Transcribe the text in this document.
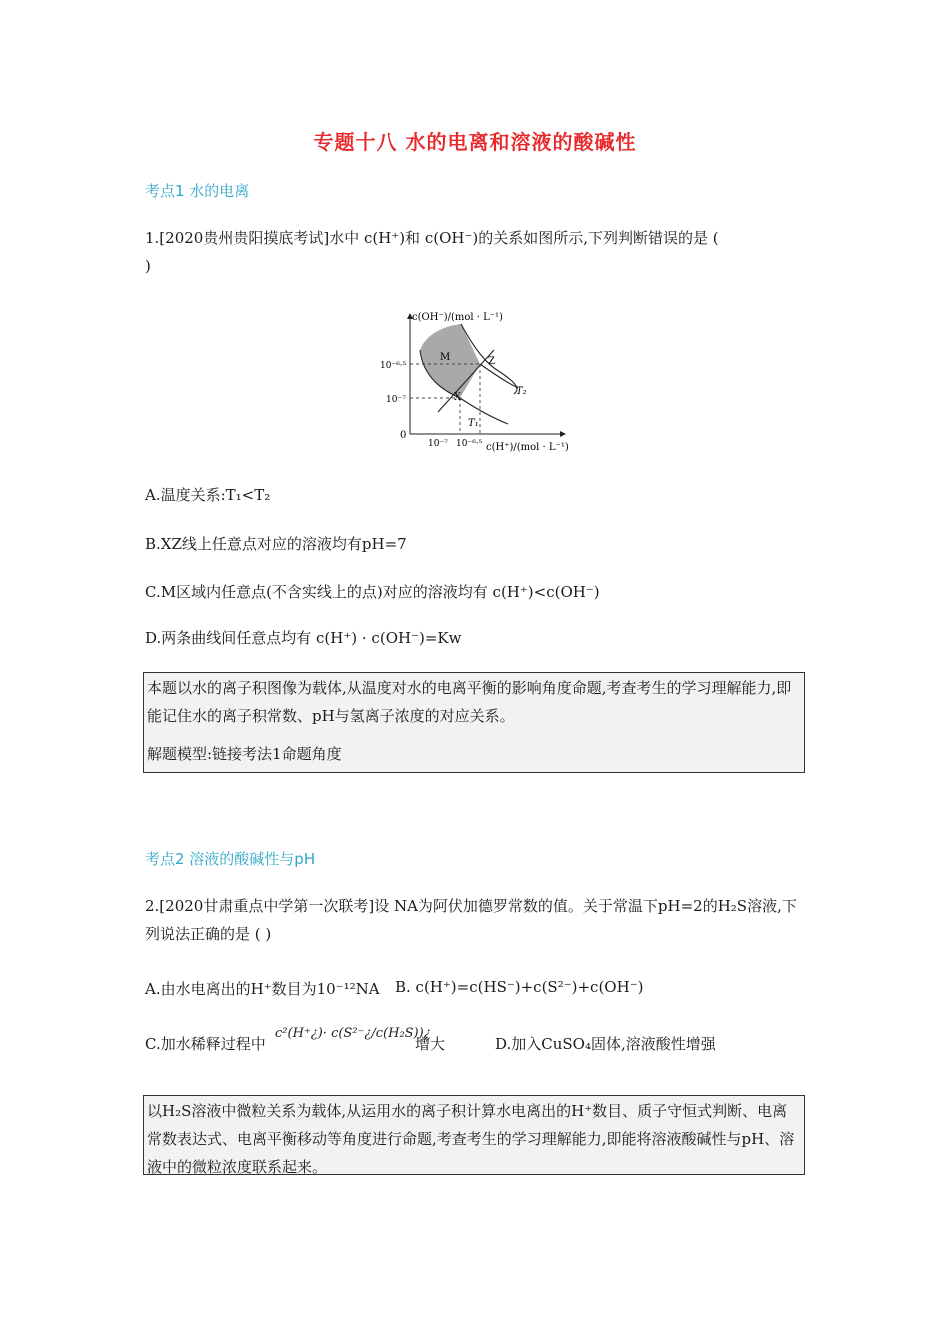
专题十八 水的电离和溶液的酸碱性
考点1 水的电离
1.[2020贵州贵阳摸底考试]水中 c(H⁺)和 c(OH⁻)的关系如图所示,下列判断错误的是 (
)
c(OH⁻)/(mol · L⁻¹)
c(H⁺)/(mol · L⁻¹)
10⁻⁶·⁵
10⁻⁷
10⁻⁷ 10⁻⁶·⁵
0
M	Z
X
T₂
T₁
A.温度关系:T₁<T₂
B.XZ线上任意点对应的溶液均有pH=7
C.M区域内任意点(不含实线上的点)对应的溶液均有 c(H⁺)<c(OH⁻)
D.两条曲线间任意点均有 c(H⁺) · c(OH⁻)=Kw
本题以水的离子积图像为载体,从温度对水的电离平衡的影响角度命题,考查考生的学习理解能力,即能记住水的离子积常数、pH与氢离子浓度的对应关系。
解题模型:链接考法1命题角度
考点2 溶液的酸碱性与pH
2.[2020甘肃重点中学第一次联考]设 NA为阿伏加德罗常数的值。关于常温下pH=2的H₂S溶液,下列说法正确的是 ( )
A.由水电离出的H⁺数目为10⁻¹²NA B. c(H⁺)=c(HS⁻)+c(S²⁻)+c(OH⁻)
C.加水稀释过程中
c²(H⁺¿)· c(S²⁻¿/c(H₂S))¿
增大	D.加入CuSO₄固体,溶液酸性增强
以H₂S溶液中微粒关系为载体,从运用水的离子积计算水电离出的H⁺数目、质子守恒式判断、电离常数表达式、电离平衡移动等角度进行命题,考查考生的学习理解能力,即能将溶液酸碱性与pH、溶液中的微粒浓度联系起来。
